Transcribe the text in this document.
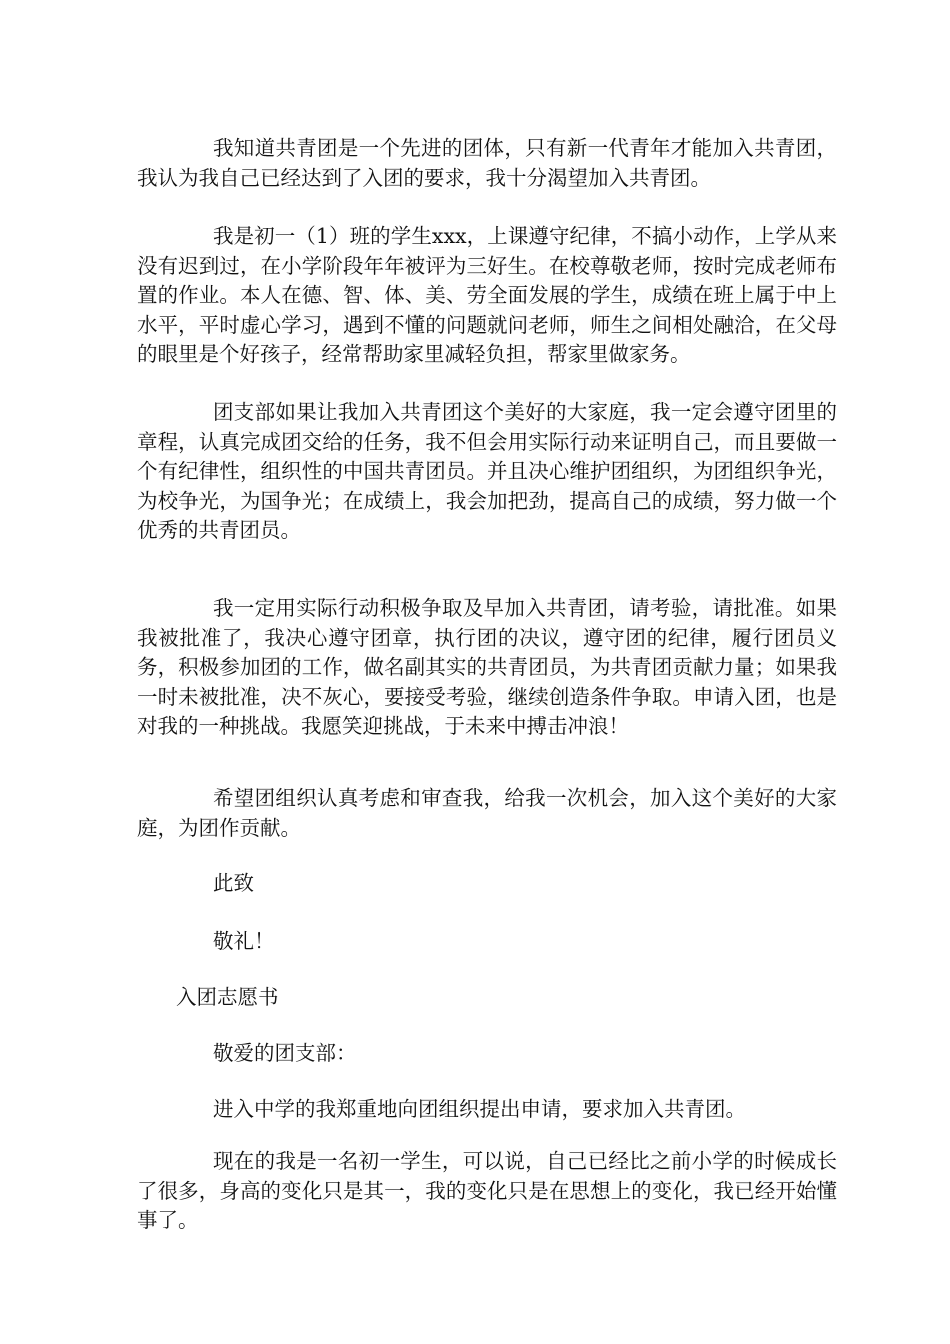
我知道共青团是一个先进的团体，只有新一代青年才能加入共青团，我认为我自己已经达到了入团的要求，我十分渴望加入共青团。

我是初一（1）班的学生xxx，上课遵守纪律，不搞小动作，上学从来没有迟到过，在小学阶段年年被评为三好生。在校尊敬老师，按时完成老师布置的作业。本人在德、智、体、美、劳全面发展的学生，成绩在班上属于中上水平，平时虚心学习，遇到不懂的问题就问老师，师生之间相处融洽，在父母的眼里是个好孩子，经常帮助家里减轻负担，帮家里做家务。

团支部如果让我加入共青团这个美好的大家庭，我一定会遵守团里的章程，认真完成团交给的任务，我不但会用实际行动来证明自己，而且要做一个有纪律性，组织性的中国共青团员。并且决心维护团组织，为团组织争光，为校争光，为国争光；在成绩上，我会加把劲，提高自己的成绩，努力做一个优秀的共青团员。

我一定用实际行动积极争取及早加入共青团，请考验，请批准。如果我被批准了，我决心遵守团章，执行团的决议，遵守团的纪律，履行团员义务，积极参加团的工作，做名副其实的共青团员，为共青团贡献力量；如果我一时未被批准，决不灰心，要接受考验，继续创造条件争取。申请入团，也是对我的一种挑战。我愿笑迎挑战，于未来中搏击冲浪！

希望团组织认真考虑和审查我，给我一次机会，加入这个美好的大家庭，为团作贡献。

此致

敬礼！

入团志愿书

敬爱的团支部：

进入中学的我郑重地向团组织提出申请，要求加入共青团。

现在的我是一名初一学生，可以说，自己已经比之前小学的时候成长了很多，身高的变化只是其一，我的变化只是在思想上的变化，我已经开始懂事了。
